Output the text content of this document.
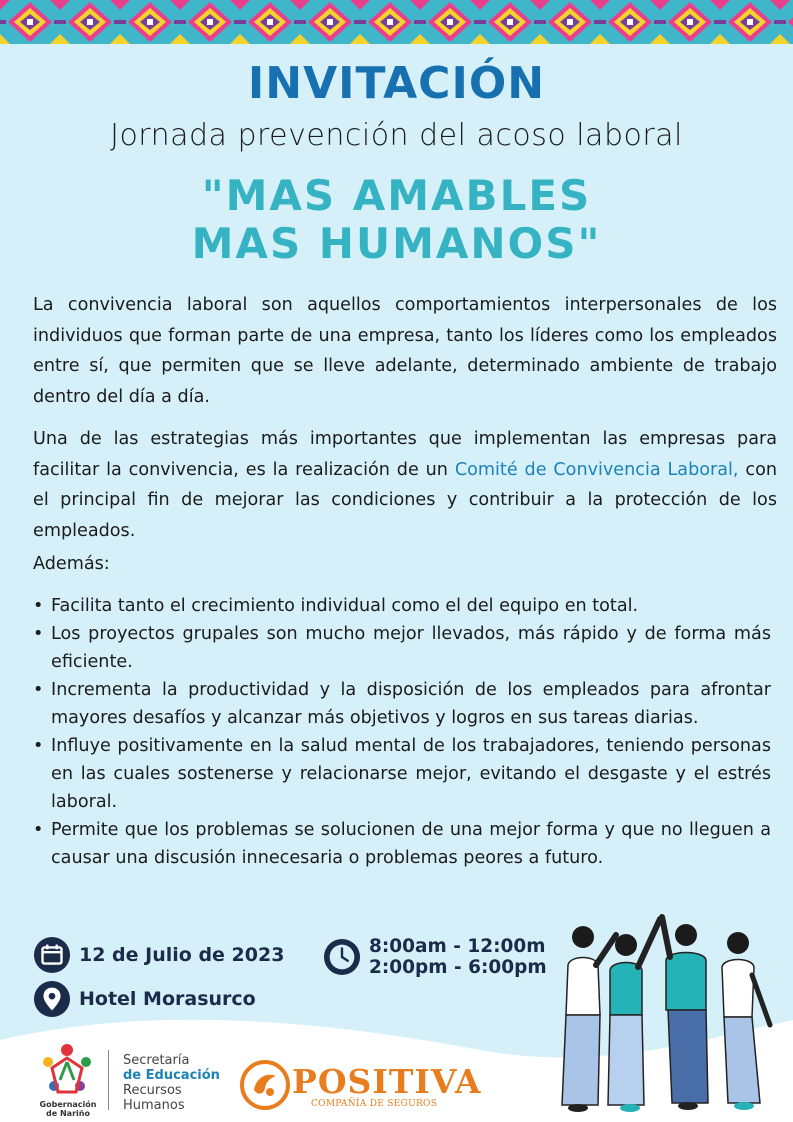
INVITACIÓN
Jornada prevención del acoso laboral
"MAS AMABLES
MAS HUMANOS"

La convivencia laboral son aquellos comportamientos interpersonales de los individuos que forman parte de una empresa, tanto los líderes como los empleados entre sí, que permiten que se lleve adelante, determinado ambiente de trabajo dentro del día a día.

Una de las estrategias más importantes que implementan las empresas para facilitar la convivencia, es la realización de un Comité de Convivencia Laboral, con el principal fin de mejorar las condiciones y contribuir a la protección de los empleados.

Además:

• Facilita tanto el crecimiento individual como el del equipo en total.
• Los proyectos grupales son mucho mejor llevados, más rápido y de forma más eficiente.
• Incrementa la productividad y la disposición de los empleados para afrontar mayores desafíos y alcanzar más objetivos y logros en sus tareas diarias.
• Influye positivamente en la salud mental de los trabajadores, teniendo personas en las cuales sostenerse y relacionarse mejor, evitando el desgaste y el estrés laboral.
• Permite que los problemas se solucionen de una mejor forma y que no lleguen a causar una discusión innecesaria o problemas peores a futuro.
12 de Julio de 2023
Hotel Morasurco
8:00am - 12:00m
2:00pm - 6:00pm
Gobernación
de Nariño
Secretaría
de Educación
Recursos
Humanos
POSITIVA
COMPAÑÍA DE SEGUROS
